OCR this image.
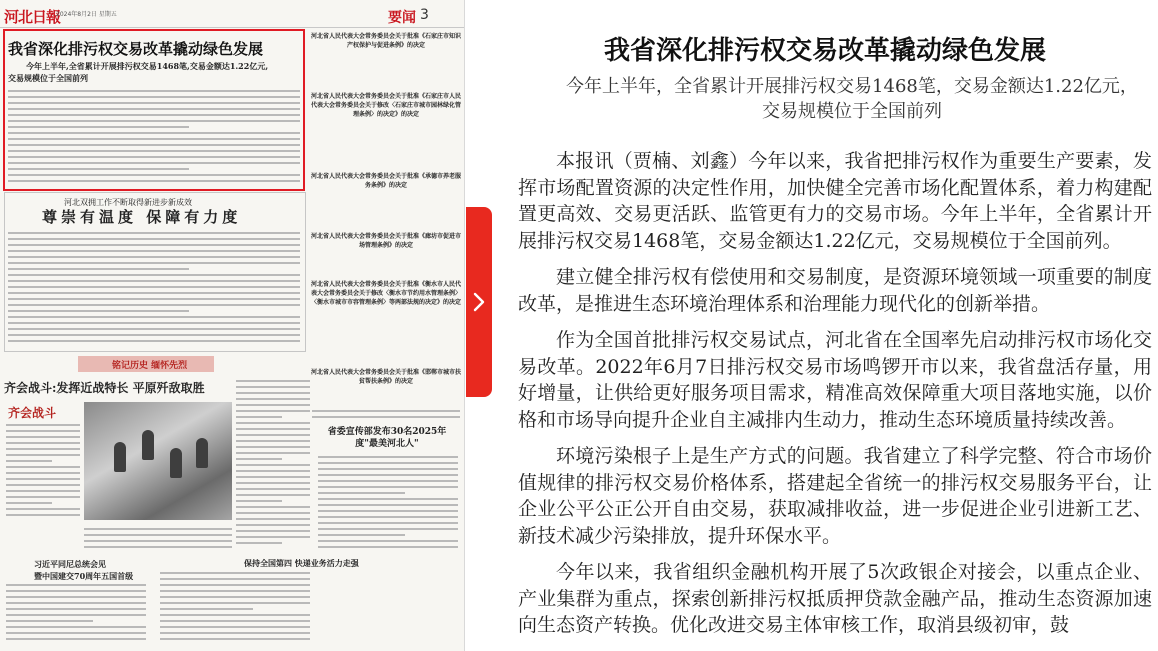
河北日報
2024年8月2日 星期五	要闻 3
我省深化排污权交易改革撬动绿色发展
今年上半年,全省累计开展排污权交易1468笔,交易金额达1.22亿元,
交易规模位于全国前列
河北双拥工作不断取得新进步新成效
尊崇有温度 保障有力度
铭记历史 缅怀先烈
齐会战斗:发挥近战特长 平原歼敌取胜
齐会战斗
河北省人民代表大会常务委员会关于批准《石家庄市知识产权保护与促进条例》的决定
河北省人民代表大会常务委员会关于批准《石家庄市人民代表大会常务委员会关于修改〈石家庄市城市园林绿化管理条例〉的决定》的决定
河北省人民代表大会常务委员会关于批准《承德市养老服务条例》的决定
河北省人民代表大会常务委员会关于批准《廊坊市促进市场管理条例》的决定
河北省人民代表大会常务委员会关于批准《衡水市人民代表大会常务委员会关于修改〈衡水市节约用水管理条例〉〈衡水市城市市容管理条例〉等两部法规的决定》的决定
河北省人民代表大会常务委员会关于批准《邯郸市城市扶贫帮扶条例》的决定
省委宣传部发布30名2025年度"最美河北人"
习近平同尼总统会见
暨中国建交70周年五国首级
保持全国第四 快递业务活力走强
我省深化排污权交易改革撬动绿色发展
今年上半年，全省累计开展排污权交易1468笔，交易金额达1.22亿元，交易规模位于全国前列

本报讯（贾楠、刘鑫）今年以来，我省把排污权作为重要生产要素，发挥市场配置资源的决定性作用，加快健全完善市场化配置体系，着力构建配置更高效、交易更活跃、监管更有力的交易市场。今年上半年，全省累计开展排污权交易1468笔，交易金额达1.22亿元，交易规模位于全国前列。

建立健全排污权有偿使用和交易制度，是资源环境领域一项重要的制度改革，是推进生态环境治理体系和治理能力现代化的创新举措。

作为全国首批排污权交易试点，河北省在全国率先启动排污权市场化交易改革。2022年6月7日排污权交易市场鸣锣开市以来，我省盘活存量，用好增量，让供给更好服务项目需求，精准高效保障重大项目落地实施，以价格和市场导向提升企业自主减排内生动力，推动生态环境质量持续改善。

环境污染根子上是生产方式的问题。我省建立了科学完整、符合市场价值规律的排污权交易价格体系，搭建起全省统一的排污权交易服务平台，让企业公平公正公开自由交易，获取减排收益，进一步促进企业引进新工艺、新技术减少污染排放，提升环保水平。

今年以来，我省组织金融机构开展了5次政银企对接会，以重点企业、产业集群为重点，探索创新排污权抵质押贷款金融产品，推动生态资源加速向生态资产转换。优化改进交易主体审核工作，取消县级初审，鼓
